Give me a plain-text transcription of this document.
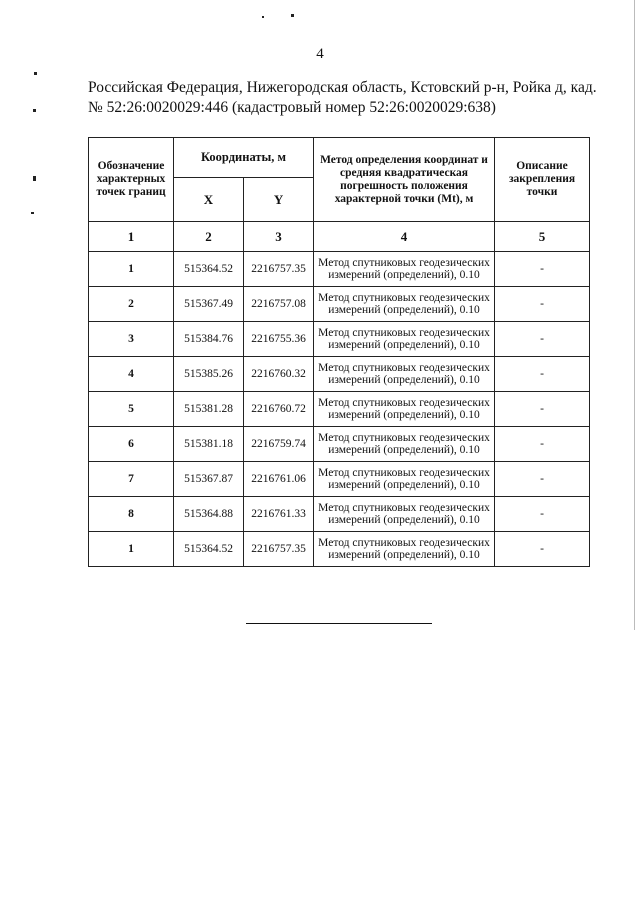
4
Российская Федерация, Нижегородская область, Кстовский р-н, Ройка д, кад.
№ 52:26:0020029:446 (кадастровый номер 52:26:0020029:638)
Обозначение характерных точек границ	Координаты, м		Метод определения координат и средняя квадратическая погрешность положения характерной точки (Mt), м	Описание закрепления точки
	X	Y		
1	2	3	4	5
1	515364.52	2216757.35	Метод спутниковых геодезических измерений (определений), 0.10	-
2	515367.49	2216757.08	Метод спутниковых геодезических измерений (определений), 0.10	-
3	515384.76	2216755.36	Метод спутниковых геодезических измерений (определений), 0.10	-
4	515385.26	2216760.32	Метод спутниковых геодезических измерений (определений), 0.10	-
5	515381.28	2216760.72	Метод спутниковых геодезических измерений (определений), 0.10	-
6	515381.18	2216759.74	Метод спутниковых геодезических измерений (определений), 0.10	-
7	515367.87	2216761.06	Метод спутниковых геодезических измерений (определений), 0.10	-
8	515364.88	2216761.33	Метод спутниковых геодезических измерений (определений), 0.10	-
1	515364.52	2216757.35	Метод спутниковых геодезических измерений (определений), 0.10	-
